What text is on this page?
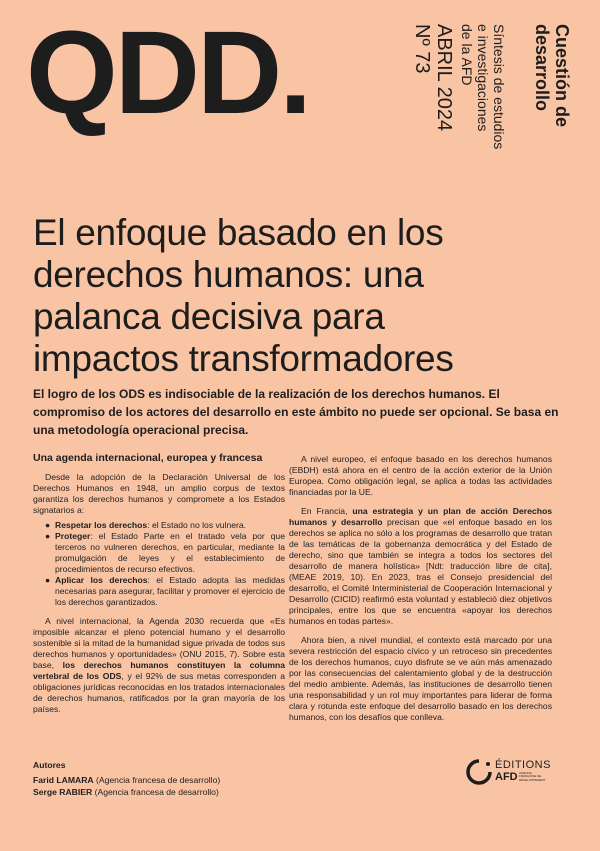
QDD.	ABRIL 2024
Nº 73	Síntesis de estudios
e investigaciones
de la AFD	Cuestión de
desarrollo
El enfoque basado en los derechos humanos: una palanca decisiva para impactos transformadores

El logro de los ODS es indisociable de la realización de los derechos humanos. El compromiso de los actores del desarrollo en este ámbito no puede ser opcional. Se basa en una metodología operacional precisa.

Una agenda internacional, europea y francesa

Desde la adopción de la Declaración Universal de los Derechos Humanos en 1948, un amplio corpus de textos garantiza los derechos humanos y compromete a los Estados signatarios a:

● Respetar los derechos: el Estado no los vulnera.
● Proteger: el Estado Parte en el tratado vela por que terceros no vulneren derechos, en particular, mediante la promulgación de leyes y el establecimiento de procedimientos de recurso efectivos.
● Aplicar los derechos: el Estado adopta las medidas necesarias para asegurar, facilitar y promover el ejercicio de los derechos garantizados.

A nivel internacional, la Agenda 2030 recuerda que «Es imposible alcanzar el pleno potencial humano y el desarrollo sostenible si la mitad de la humanidad sigue privada de todos sus derechos humanos y oportunidades» (ONU 2015, 7). Sobre esta base, los derechos humanos constituyen la columna vertebral de los ODS, y el 92% de sus metas corresponden a obligaciones jurídicas reconocidas en los tratados internacionales de derechos humanos, ratificados por la gran mayoría de los países.

A nivel europeo, el enfoque basado en los derechos humanos (EBDH) está ahora en el centro de la acción exterior de la Unión Europea. Como obligación legal, se aplica a todas las actividades financiadas por la UE.

En Francia, una estrategia y un plan de acción Derechos humanos y desarrollo precisan que «el enfoque basado en los derechos se aplica no sólo a los programas de desarrollo que tratan de las temáticas de la gobernanza democrática y del Estado de derecho, sino que también se integra a todos los sectores del desarrollo de manera holística» [Ndt: traducción libre de cita], (MEAE 2019, 10). En 2023, tras el Consejo presidencial del desarrollo, el Comité Interministerial de Cooperación Internacional y Desarrollo (CICID) reafirmó esta voluntad y estableció diez objetivos principales, entre los que se encuentra «apoyar los derechos humanos en todas partes».

Ahora bien, a nivel mundial, el contexto está marcado por una severa restricción del espacio cívico y un retroceso sin precedentes de los derechos humanos, cuyo disfrute se ve aún más amenazado por las consecuencias del calentamiento global y de la destrucción del medio ambiente. Además, las instituciones de desarrollo tienen una responsabilidad y un rol muy importantes para liderar de forma clara y rotunda este enfoque del desarrollo basado en los derechos humanos, con los desafíos que conlleva.

Autores
Farid LAMARA (Agencia francesa de desarrollo)
Serge RABIER (Agencia francesa de desarrollo)
ÉDITIONS
AFD AGENCE FRANÇAISE DE DÉVELOPPEMENT
